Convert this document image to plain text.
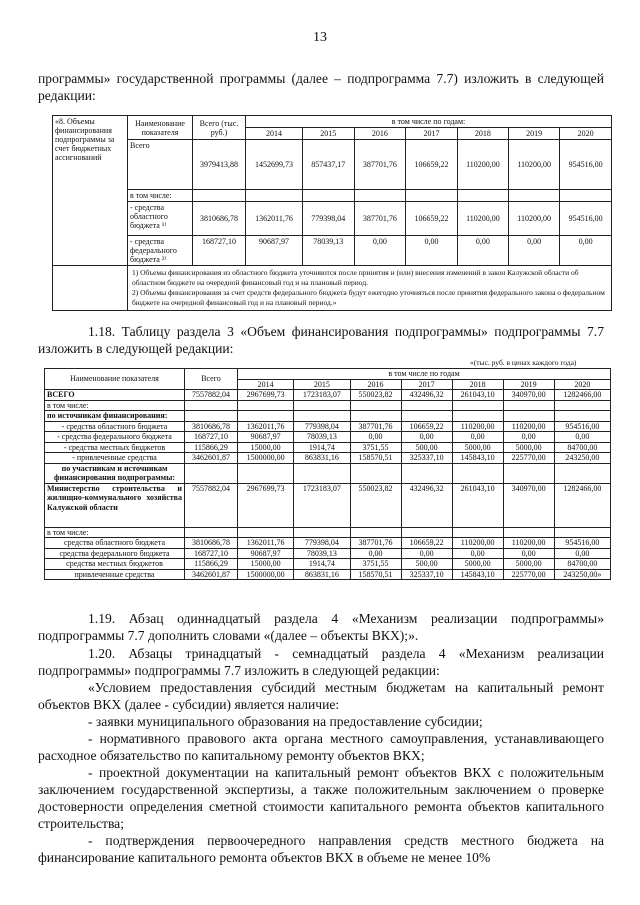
13
программы» государственной программы (далее – подпрограмма 7.7) изложить в следующей редакции:
«8. Объемы финансирования подпрограммы за счет бюджетных ассигнований	Наименование показателя	Всего (тыс. руб.)	в том числе по годам:						
			2014	2015	2016	2017	2018	2019	2020
	Всего	3979413,88	1452699,73	857437,17	387701,76	106659,22	110200,00	110200,00	954516,00
	в том числе:								
	- средства областного бюджета ¹⁾	3810686,78	1362011,76	779398,04	387701,76	106659,22	110200,00	110200,00	954516,00
	- средства федерального бюджета ²⁾	168727,10	90687,97	78039,13	0,00	0,00	0,00	0,00	0,00

	1) Объемы финансирования из областного бюджета уточняются после принятия и (или) внесения изменений в закон Калужской области об областном бюджете на очередной финансовый год и на плановый период.
2) Объемы финансирования за счет средств федерального бюджета будут ежегодно уточняться после принятия федерального закона о федеральном бюджете на очередной финансовый год и на плановый период.»								
1.18. Таблицу раздела 3 «Объем финансирования подпрограммы» подпрограммы 7.7 изложить в следующей редакции:
«(тыс. руб. в ценах каждого года)
Наименование показателя	Всего	в том числе по годам						
		2014	2015	2016	2017	2018	2019	2020
ВСЕГО	7557882,04	2967699,73	1723183,07	550023,82	432496,32	261043,10	340970,00	1282466,00
в том числе:								
по источникам финансирования:								
- средства областного бюджета	3810686,78	1362011,76	779398,04	387701,76	106659,22	110200,00	110200,00	954516,00
- средства федерального бюджета	168727,10	90687,97	78039,13	0,00	0,00	0,00	0,00	0,00
- средства местных бюджетов	115866,29	15000,00	1914,74	3751,55	500,00	5000,00	5000,00	84700,00
- привлеченные средства	3462601,87	1500000,00	863831,16	158570,51	325337,10	145843,10	225770,00	243250,00
по участникам и источникам финансирования подпрограммы:								
Министерство строительства и жилищно-коммунального хозяйства Калужской области	7557882,04	2967699,73	1723183,07	550023,82	432496,32	261043,10	340970,00	1282466,00
в том числе:								
средства областного бюджета	3810686,78	1362011,76	779398,04	387701,76	106659,22	110200,00	110200,00	954516,00
средства федерального бюджета	168727,10	90687,97	78039,13	0,00	0,00	0,00	0,00	0,00
средства местных бюджетов	115866,29	15000,00	1914,74	3751,55	500,00	5000,00	5000,00	84700,00
привлеченные средства	3462601,87	1500000,00	863831,16	158570,51	325337,10	145843,10	225770,00	243250,00»
1.19. Абзац одиннадцатый раздела 4 «Механизм реализации подпрограммы» подпрограммы 7.7 дополнить словами «(далее – объекты ВКХ);».
1.20. Абзацы тринадцатый - семнадцатый раздела 4 «Механизм реализации подпрограммы» подпрограммы 7.7 изложить в следующей редакции:
«Условием предоставления субсидий местным бюджетам на капитальный ремонт объектов ВКХ (далее - субсидии) является наличие:
- заявки муниципального образования на предоставление субсидии;
- нормативного правового акта органа местного самоуправления, устанавливающего расходное обязательство по капитальному ремонту объектов ВКХ;
- проектной документации на капитальный ремонт объектов ВКХ с положительным заключением государственной экспертизы, а также положительным заключением о проверке достоверности определения сметной стоимости капитального ремонта объектов капитального строительства;
- подтверждения первоочередного направления средств местного бюджета на финансирование капитального ремонта объектов ВКХ в объеме не менее 10%
